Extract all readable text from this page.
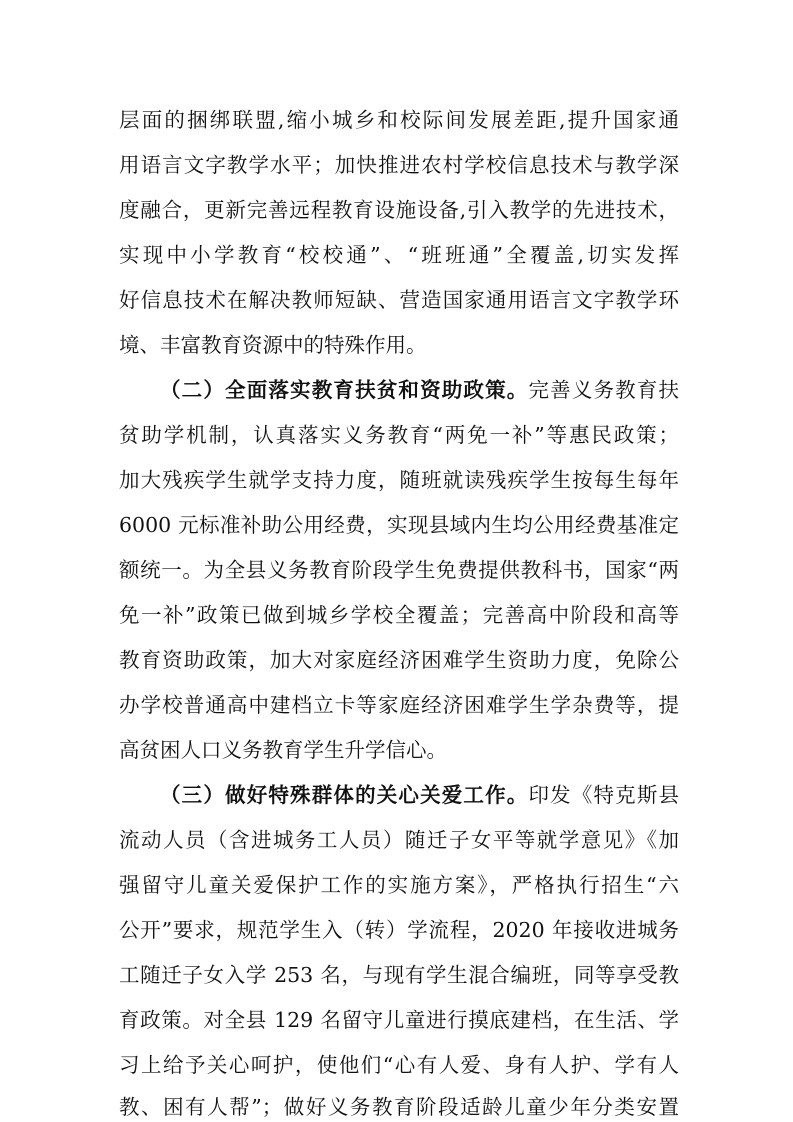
层面的捆绑联盟,缩小城乡和校际间发展差距,提升国家通
用语言文字教学水平；加快推进农村学校信息技术与教学深
度融合，更新完善远程教育设施设备,引入教学的先进技术，
实现中小学教育“校校通”、“班班通”全覆盖,切实发挥
好信息技术在解决教师短缺、营造国家通用语言文字教学环
境、丰富教育资源中的特殊作用。
（二）全面落实教育扶贫和资助政策。完善义务教育扶
贫助学机制，认真落实义务教育“两免一补”等惠民政策；
加大残疾学生就学支持力度，随班就读残疾学生按每生每年
6000 元标准补助公用经费，实现县域内生均公用经费基准定
额统一。为全县义务教育阶段学生免费提供教科书，国家“两
免一补”政策已做到城乡学校全覆盖；完善高中阶段和高等
教育资助政策，加大对家庭经济困难学生资助力度，免除公
办学校普通高中建档立卡等家庭经济困难学生学杂费等，提
高贫困人口义务教育学生升学信心。
（三）做好特殊群体的关心关爱工作。印发《特克斯县
流动人员（含进城务工人员）随迁子女平等就学意见》《加
强留守儿童关爱保护工作的实施方案》，严格执行招生“六
公开”要求，规范学生入（转）学流程，2020 年接收进城务
工随迁子女入学 253 名，与现有学生混合编班，同等享受教
育政策。对全县 129 名留守儿童进行摸底建档，在生活、学
习上给予关心呵护，使他们“心有人爱、身有人护、学有人
教、困有人帮”；做好义务教育阶段适龄儿童少年分类安置
